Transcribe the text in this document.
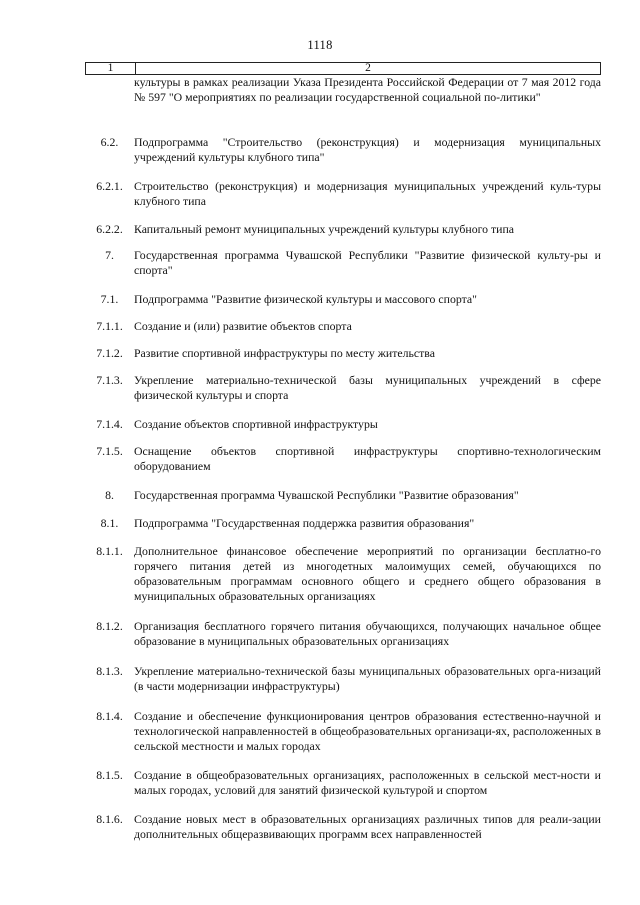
1118
1	2
культуры в рамках реализации Указа Президента Российской Федерации от 7 мая 2012 года № 597 "О мероприятиях по реализации государственной социальной по-литики"
6.2.	Подпрограмма "Строительство (реконструкция) и модернизация муниципальных учреждений культуры клубного типа"
6.2.1. Строительство (реконструкция) и модернизация муниципальных учреждений куль-туры клубного типа
6.2.2. Капитальный ремонт муниципальных учреждений культуры клубного типа
7.	Государственная программа Чувашской Республики "Развитие физической культу-ры и спорта"
7.1.	Подпрограмма "Развитие физической культуры и массового спорта"
7.1.1. Создание и (или) развитие объектов спорта
7.1.2. Развитие спортивной инфраструктуры по месту жительства
7.1.3. Укрепление материально-технической базы муниципальных учреждений в сфере физической культуры и спорта
7.1.4. Создание объектов спортивной инфраструктуры
7.1.5. Оснащение объектов спортивной инфраструктуры спортивно-технологическим оборудованием
8.	Государственная программа Чувашской Республики "Развитие образования"
8.1.	Подпрограмма "Государственная поддержка развития образования"
8.1.1. Дополнительное финансовое обеспечение мероприятий по организации бесплатно-го горячего питания детей из многодетных малоимущих семей, обучающихся по образовательным программам основного общего и среднего общего образования в муниципальных образовательных организациях
8.1.2. Организация бесплатного горячего питания обучающихся, получающих начальное общее образование в муниципальных образовательных организациях
8.1.3. Укрепление материально-технической базы муниципальных образовательных орга-низаций (в части модернизации инфраструктуры)
8.1.4. Создание и обеспечение функционирования центров образования естественно-научной и технологической направленностей в общеобразовательных организаци-ях, расположенных в сельской местности и малых городах
8.1.5. Создание в общеобразовательных организациях, расположенных в сельской мест-ности и малых городах, условий для занятий физической культурой и спортом
8.1.6. Создание новых мест в образовательных организациях различных типов для реали-зации дополнительных общеразвивающих программ всех направленностей
